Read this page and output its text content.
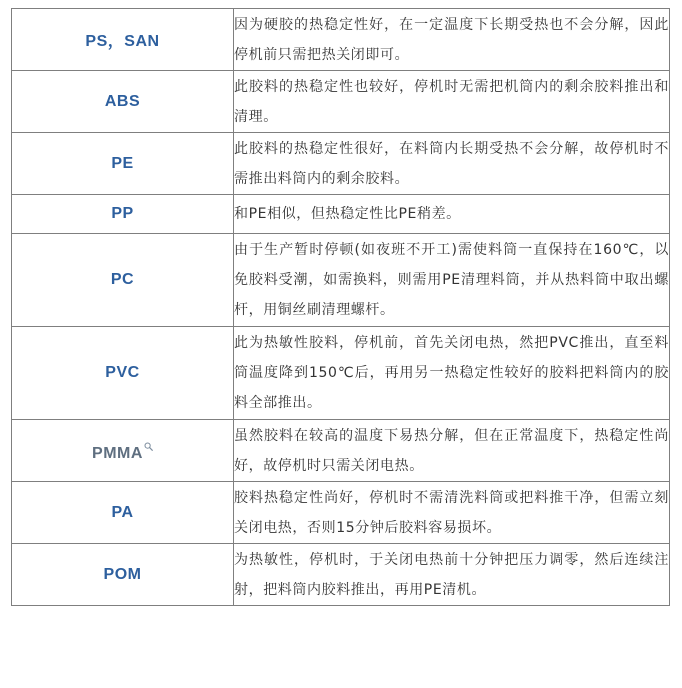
PS，SAN	因为硬胶的热稳定性好，在一定温度下长期受热也不会分解，因此停机前只需把热关闭即可。
ABS	此胶料的热稳定性也较好，停机时无需把机筒内的剩余胶料推出和清理。
PE	此胶料的热稳定性很好，在料筒内长期受热不会分解，故停机时不需推出料筒内的剩余胶料。
PP	和PE相似，但热稳定性比PE稍差。
PC	由于生产暂时停顿(如夜班不开工)需使料筒一直保持在160℃，以免胶料受潮，如需换料，则需用PE清理料筒，并从热料筒中取出螺杆，用铜丝刷清理螺杆。
PVC	此为热敏性胶料，停机前，首先关闭电热，然把PVC推出，直至料筒温度降到150℃后，再用另一热稳定性较好的胶料把料筒内的胶料全部推出。
PMMA	虽然胶料在较高的温度下易热分解，但在正常温度下，热稳定性尚好，故停机时只需关闭电热。
PA	胶料热稳定性尚好，停机时不需清洗料筒或把料推干净，但需立刻关闭电热，否则15分钟后胶料容易损坏。
POM	为热敏性，停机时，于关闭电热前十分钟把压力调零，然后连续注射，把料筒内胶料推出，再用PE清机。
